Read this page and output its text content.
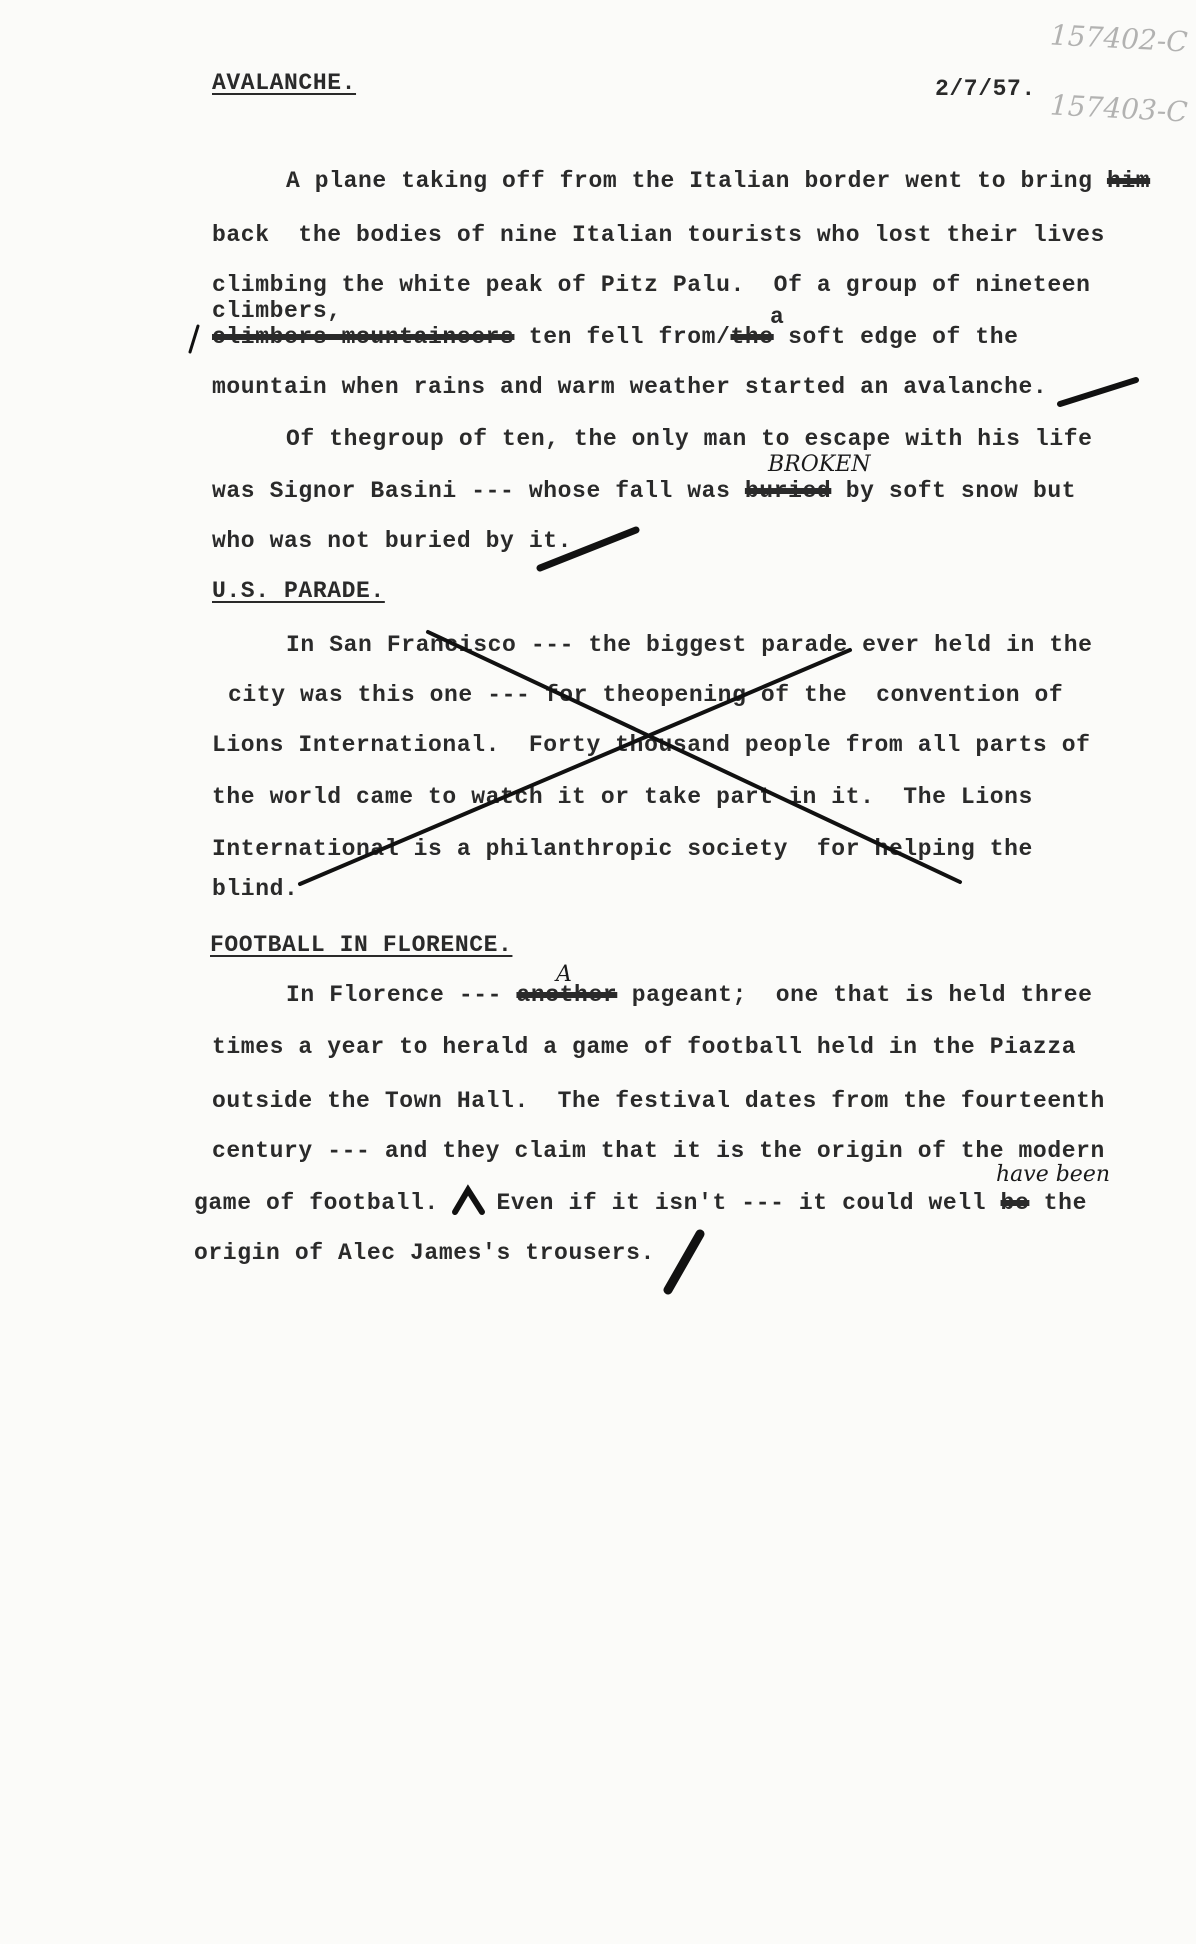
157402-C
157403-C
AVALANCHE.	2/7/57.
A plane taking off from the Italian border went to bring him
back  the bodies of nine Italian tourists who lost their lives
climbing the white peak of Pitz Palu.  Of a group of nineteen
climbers,	a
climbers mountaineers ten fell from/the soft edge of the
mountain when rains and warm weather started an avalanche.
Of thegroup of ten, the only man to escape with his life
BROKEN
was Signor Basini --- whose fall was buried by soft snow but
who was not buried by it.
U.S. PARADE.
In San Francisco --- the biggest parade ever held in the
city was this one --- for theopening of the  convention of
Lions International.  Forty thousand people from all parts of
the world came to watch it or take part in it.  The Lions
International is a philanthropic society  for helping the
blind.
FOOTBALL IN FLORENCE.
A
In Florence --- another pageant;  one that is held three
times a year to herald a game of football held in the Piazza
outside the Town Hall.  The festival dates from the fourteenth
century --- and they claim that it is the origin of the modern
have been
game of football.	Even if it isn't --- it could well be the
origin of Alec James's trousers.
